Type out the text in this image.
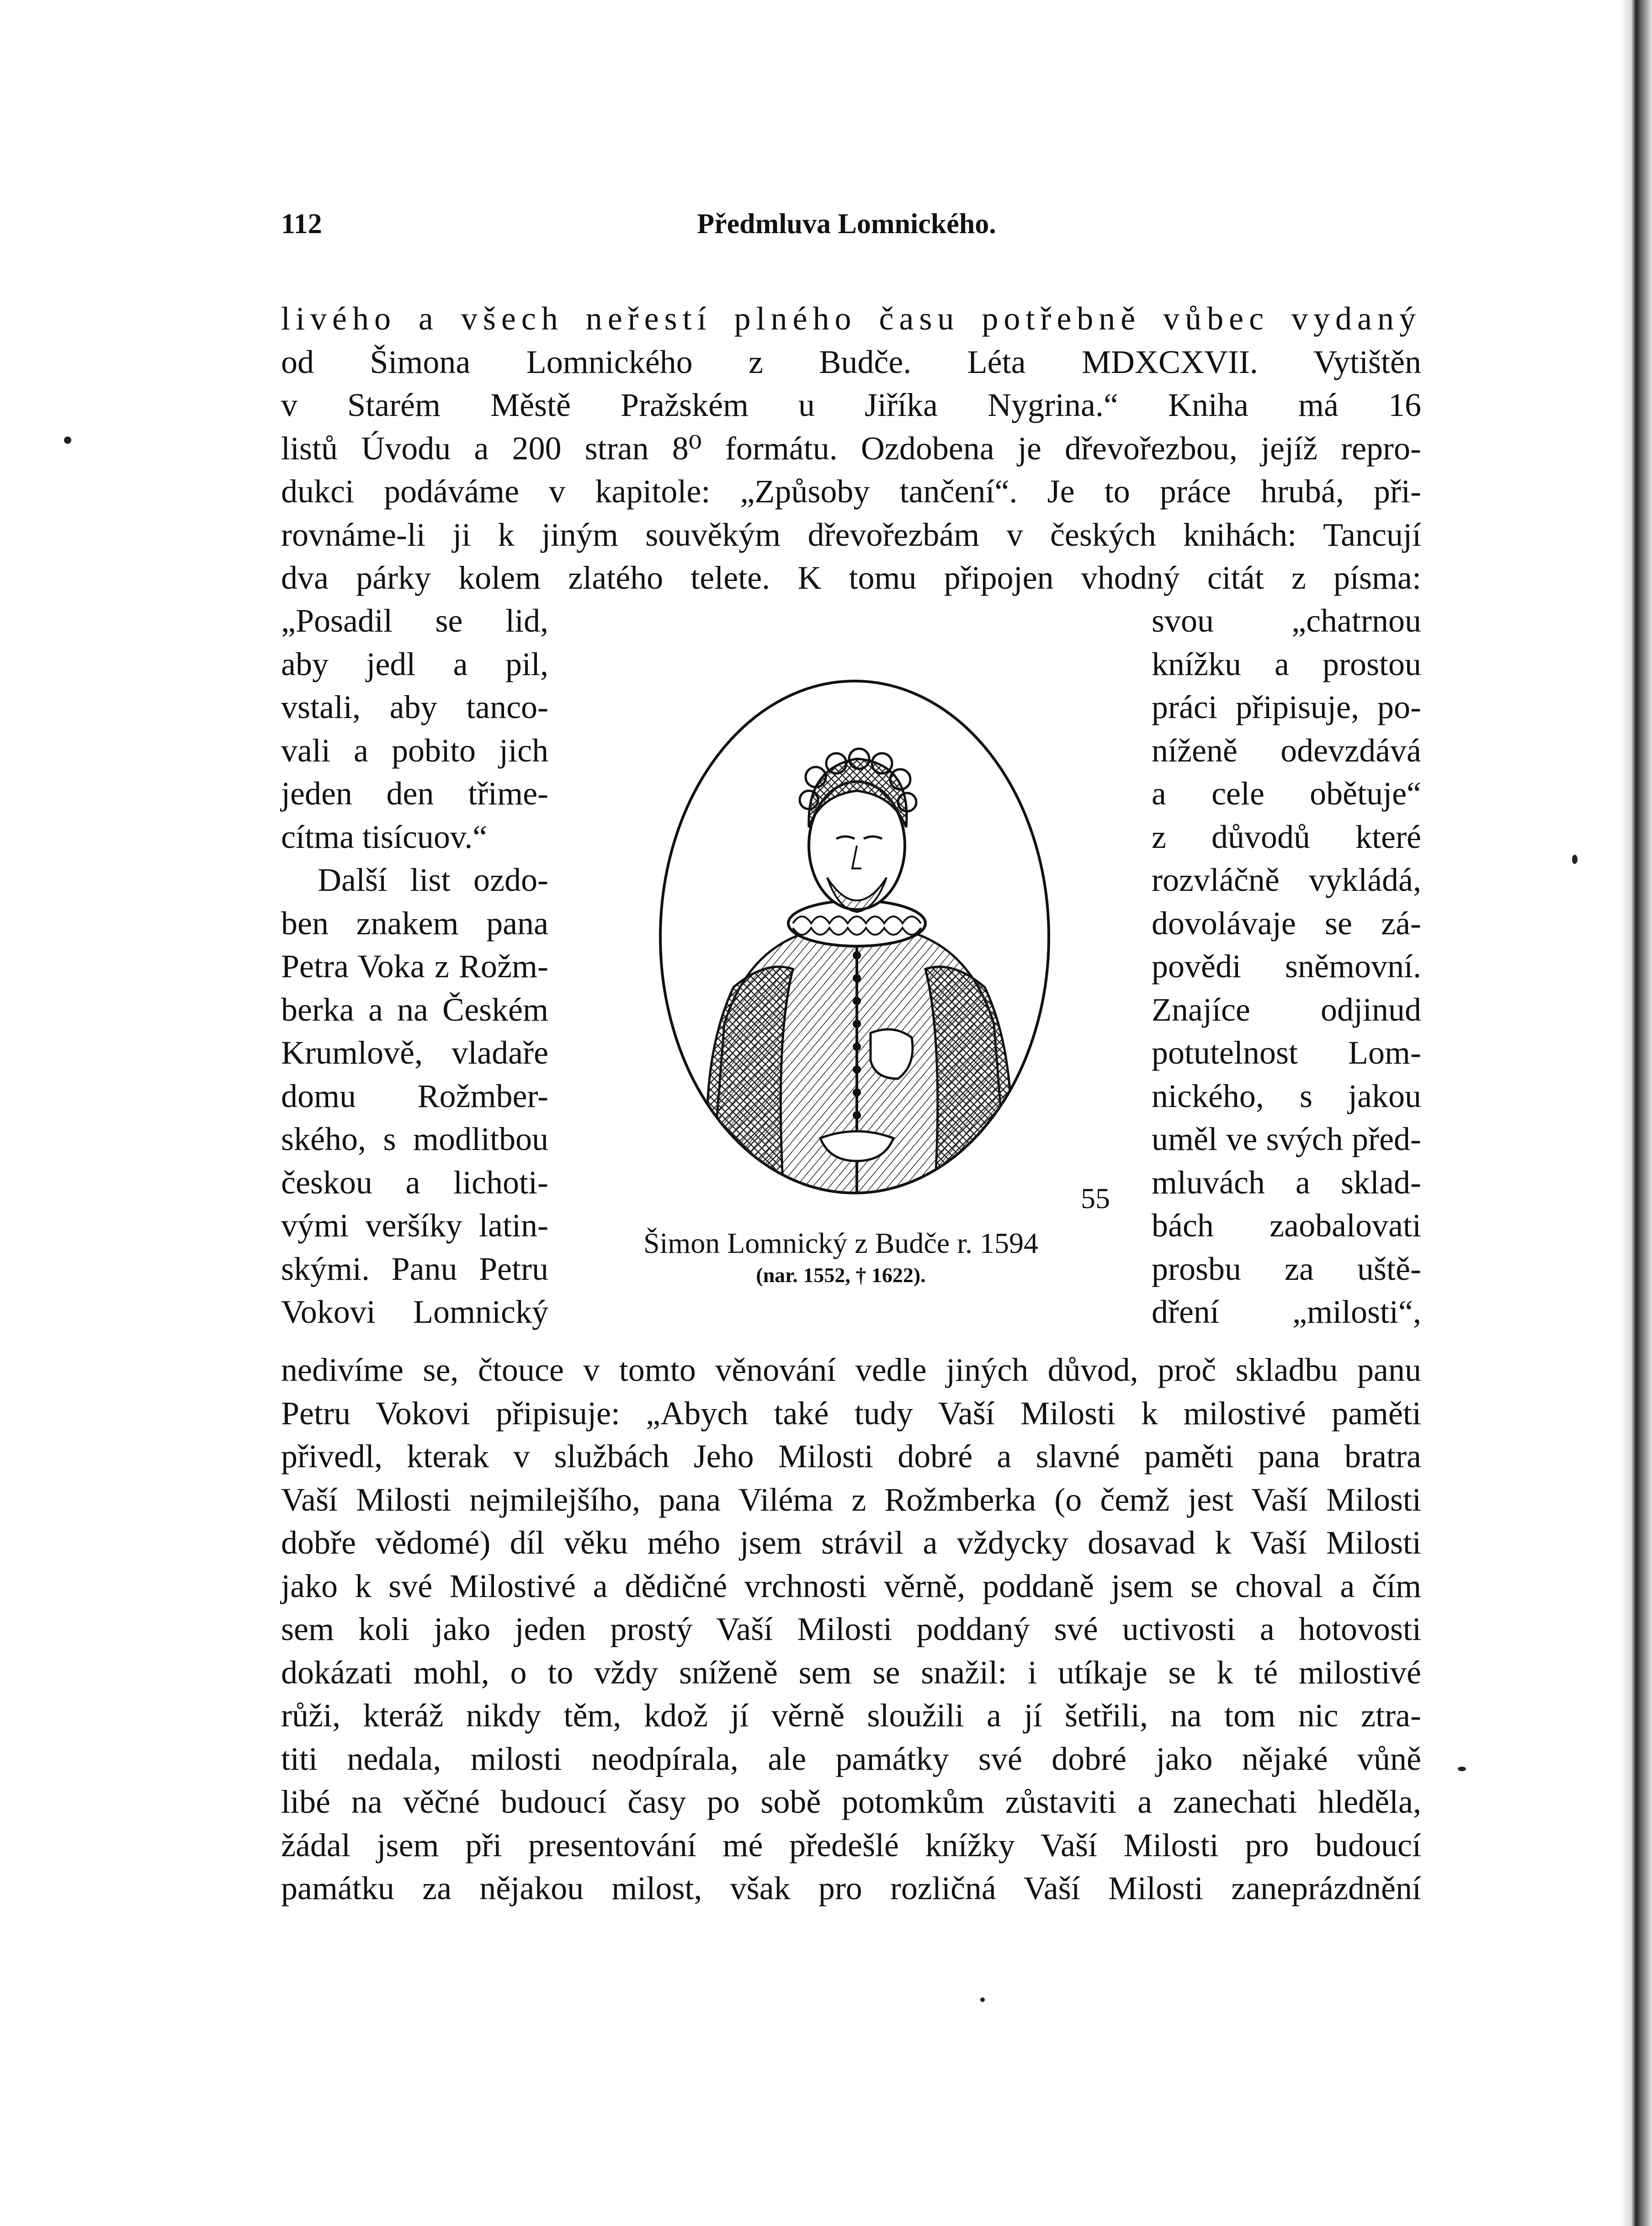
Předmluva Lomnického.
112
livého a všech neřestí plného času potřebně vůbec vydaný
od Šimona Lomnického z Budče. Léta MDXCXVII. Vytištěn
v Starém Městě Pražském u Jiříka Nygrina.“ Kniha má 16
listů Úvodu a 200 stran 8⁰ formátu. Ozdobena je dřevořezbou, jejíž repro-
dukci podáváme v kapitole: „Způsoby tančení“. Je to práce hrubá, při-
rovnáme-li ji k jiným souvěkým dřevořezbám v českých knihách: Tancují
dva párky kolem zlatého telete. K tomu připojen vhodný citát z písma:
„Posadil se lid,
aby jedl a pil,
vstali, aby tanco-
vali a pobito jich
jeden den třime-
cítma tisícuov.“
Další list ozdo-
ben znakem pana
Petra Voka z Rožm-
berka a na Českém
Krumlově, vladaře
domu Rožmber-
ského, s modlitbou
českou a lichoti-
vými veršíky latin-
skými. Panu Petru
Vokovi Lomnický
svou „chatrnou
knížku a prostou
práci připisuje, po-
níženě odevzdává
a cele obětuje“
z důvodů které
rozvláčně vykládá,
dovolávaje se zá-
povědi sněmovní.
Znajíce odjinud
potutelnost Lom-
nického, s jakou
uměl ve svých před-
mluvách a sklad-
bách zaobalovati
prosbu za uště-
dření „milosti“,
55
Šimon Lomnický z Budče r. 1594
(nar. 1552, † 1622).
nedivíme se, čtouce v tomto věnování vedle jiných důvod, proč skladbu panu
Petru Vokovi připisuje: „Abych také tudy Vaší Milosti k milostivé paměti
přivedl, kterak v službách Jeho Milosti dobré a slavné paměti pana bratra
Vaší Milosti nejmilejšího, pana Viléma z Rožmberka (o čemž jest Vaší Milosti
dobře vědomé) díl věku mého jsem strávil a vždycky dosavad k Vaší Milosti
jako k své Milostivé a dědičné vrchnosti věrně, poddaně jsem se choval a čím
sem koli jako jeden prostý Vaší Milosti poddaný své uctivosti a hotovosti
dokázati mohl, o to vždy sníženě sem se snažil: i utíkaje se k té milostivé
růži, kteráž nikdy těm, kdož jí věrně sloužili a jí šetřili, na tom nic ztra-
titi nedala, milosti neodpírala, ale památky své dobré jako nějaké vůně
libé na věčné budoucí časy po sobě potomkům zůstaviti a zanechati hleděla,
žádal jsem při presentování mé předešlé knížky Vaší Milosti pro budoucí
památku za nějakou milost, však pro rozličná Vaší Milosti zaneprázdnění
